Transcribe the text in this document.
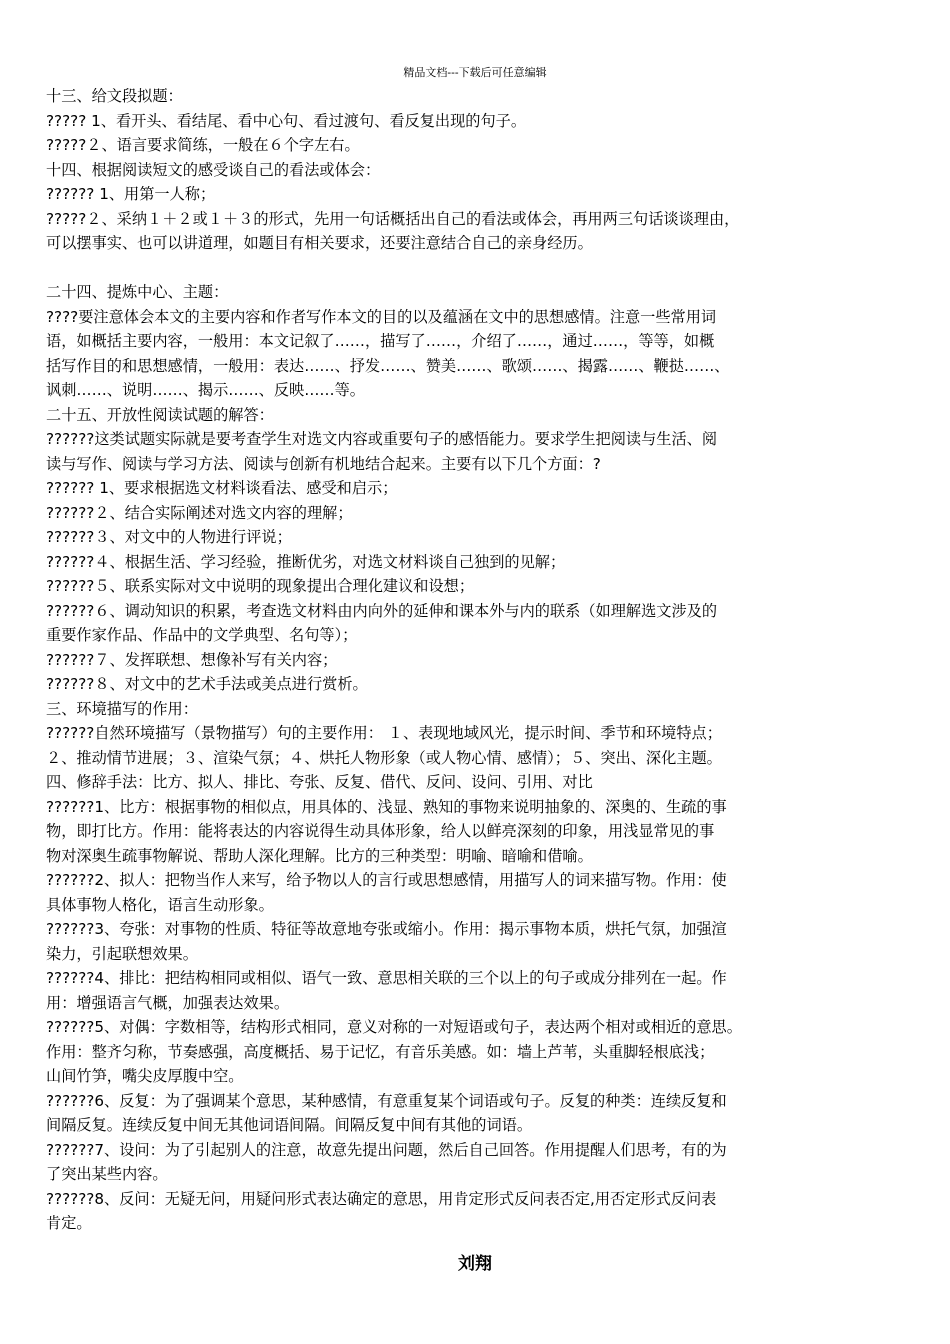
精品文档---下载后可任意编辑
十三、给文段拟题：
????? 1、看开头、看结尾、看中心句、看过渡句、看反复出现的句子。
?????２、语言要求简练，一般在６个字左右。
十四、根据阅读短文的感受谈自己的看法或体会：
?????? 1、用第一人称；
?????２、采纳１＋２或１＋３的形式，先用一句话概括出自己的看法或体会，再用两三句话谈谈理由，
可以摆事实、也可以讲道理，如题目有相关要求，还要注意结合自己的亲身经历。
二十四、提炼中心、主题：
????要注意体会本文的主要内容和作者写作本文的目的以及蕴涵在文中的思想感情。注意一些常用词
语，如概括主要内容，一般用：本文记叙了……，描写了……，介绍了……，通过……，等等，如概
括写作目的和思想感情，一般用：表达……、抒发……、赞美……、歌颂……、揭露……、鞭挞……、
讽刺……、说明……、揭示……、反映……等。
二十五、开放性阅读试题的解答：
??????这类试题实际就是要考查学生对选文内容或重要句子的感悟能力。要求学生把阅读与生活、阅
读与写作、阅读与学习方法、阅读与创新有机地结合起来。主要有以下几个方面：?
?????? 1、要求根据选文材料谈看法、感受和启示；
??????２、结合实际阐述对选文内容的理解；
??????３、对文中的人物进行评说；
??????４、根据生活、学习经验，推断优劣，对选文材料谈自己独到的见解；
??????５、联系实际对文中说明的现象提出合理化建议和设想；
??????６、调动知识的积累，考查选文材料由内向外的延伸和课本外与内的联系（如理解选文涉及的
重要作家作品、作品中的文学典型、名句等）；
??????７、发挥联想、想像补写有关内容；
??????８、对文中的艺术手法或美点进行赏析。
三、环境描写的作用：
??????自然环境描写（景物描写）句的主要作用： １、表现地域风光，提示时间、季节和环境特点；
２、推动情节进展；３、渲染气氛；４、烘托人物形象（或人物心情、感情）；５、突出、深化主题。
四、修辞手法：比方、拟人、排比、夸张、反复、借代、反问、设问、引用、对比
??????1、比方：根据事物的相似点，用具体的、浅显、熟知的事物来说明抽象的、深奥的、生疏的事
物，即打比方。作用：能将表达的内容说得生动具体形象，给人以鲜亮深刻的印象，用浅显常见的事
物对深奥生疏事物解说、帮助人深化理解。比方的三种类型：明喻、暗喻和借喻。
??????2、拟人：把物当作人来写，给予物以人的言行或思想感情，用描写人的词来描写物。作用：使
具体事物人格化，语言生动形象。
??????3、夸张：对事物的性质、特征等故意地夸张或缩小。作用：揭示事物本质，烘托气氛，加强渲
染力，引起联想效果。
??????4、排比：把结构相同或相似、语气一致、意思相关联的三个以上的句子或成分排列在一起。作
用：增强语言气概，加强表达效果。
??????5、对偶：字数相等，结构形式相同，意义对称的一对短语或句子，表达两个相对或相近的意思。
作用：整齐匀称，节奏感强，高度概括、易于记忆，有音乐美感。如：墙上芦苇，头重脚轻根底浅；
山间竹笋，嘴尖皮厚腹中空。
??????6、反复：为了强调某个意思，某种感情，有意重复某个词语或句子。反复的种类：连续反复和
间隔反复。连续反复中间无其他词语间隔。间隔反复中间有其他的词语。
??????7、设问：为了引起别人的注意，故意先提出问题，然后自己回答。作用提醒人们思考，有的为
了突出某些内容。
??????8、反问：无疑无问，用疑问形式表达确定的意思，用肯定形式反问表否定,用否定形式反问表
肯定。
刘翔
